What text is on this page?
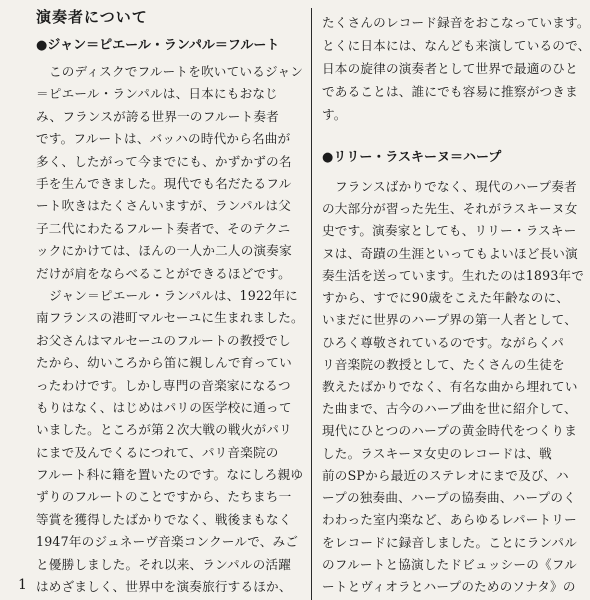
演奏者について
●ジャン＝ピエール・ランパル＝フルート
このディスクでフルートを吹いているジャン
＝ピエール・ランパルは、日本にもおなじ
み、フランスが誇る世界一のフルート奏者
です。フルートは、バッハの時代から名曲が
多く、したがって今までにも、かずかずの名
手を生んできました。現代でも名だたるフル
ート吹きはたくさんいますが、ランパルは父
子二代にわたるフルート奏者で、そのテクニ
ックにかけては、ほんの一人か二人の演奏家
だけが肩をならべることができるほどです。
ジャン＝ピエール・ランパルは、1922年に
南フランスの港町マルセーユに生まれました。
お父さんはマルセーユのフルートの教授でし
たから、幼いころから笛に親しんで育ってい
ったわけです。しかし専門の音楽家になるつ
もりはなく、はじめはパリの医学校に通って
いました。ところが第２次大戦の戦火がパリ
にまで及んでくるにつれて、パリ音楽院の
フルート科に籍を置いたのです。なにしろ親ゆ
ずりのフルートのことですから、たちまち一
等賞を獲得したばかりでなく、戦後まもなく
1947年のジュネーヴ音楽コンクールで、みご
と優勝しました。それ以来、ランパルの活躍
はめざましく、世界中を演奏旅行するほか、
たくさんのレコード録音をおこなっています。
とくに日本には、なんども来演しているので、
日本の旋律の演奏者として世界で最適のひと
であることは、誰にでも容易に推察がつきま
す。
●リリー・ラスキーヌ＝ハープ
フランスばかりでなく、現代のハープ奏者
の大部分が習った先生、それがラスキーヌ女
史です。演奏家としても、リリー・ラスキー
ヌは、奇蹟の生涯といってもよいほど長い演
奏生活を送っています。生れたのは1893年で
すから、すでに90歳をこえた年齢なのに、
いまだに世界のハープ界の第一人者として、
ひろく尊敬されているのです。ながらくパ
リ音楽院の教授として、たくさんの生徒を
教えたばかりでなく、有名な曲から埋れてい
た曲まで、古今のハープ曲を世に紹介して、
現代にひとつのハープの黄金時代をつくりま
した。ラスキーヌ女史のレコードは、戦
前のSPから最近のステレオにまで及び、ハ
ープの独奏曲、ハープの協奏曲、ハープのく
わわった室内楽など、あらゆるレパートリー
をレコードに録音しました。ことにランパル
のフルートと協演したドビュッシーの《フル
ートとヴィオラとハープのためのソナタ》の
1
